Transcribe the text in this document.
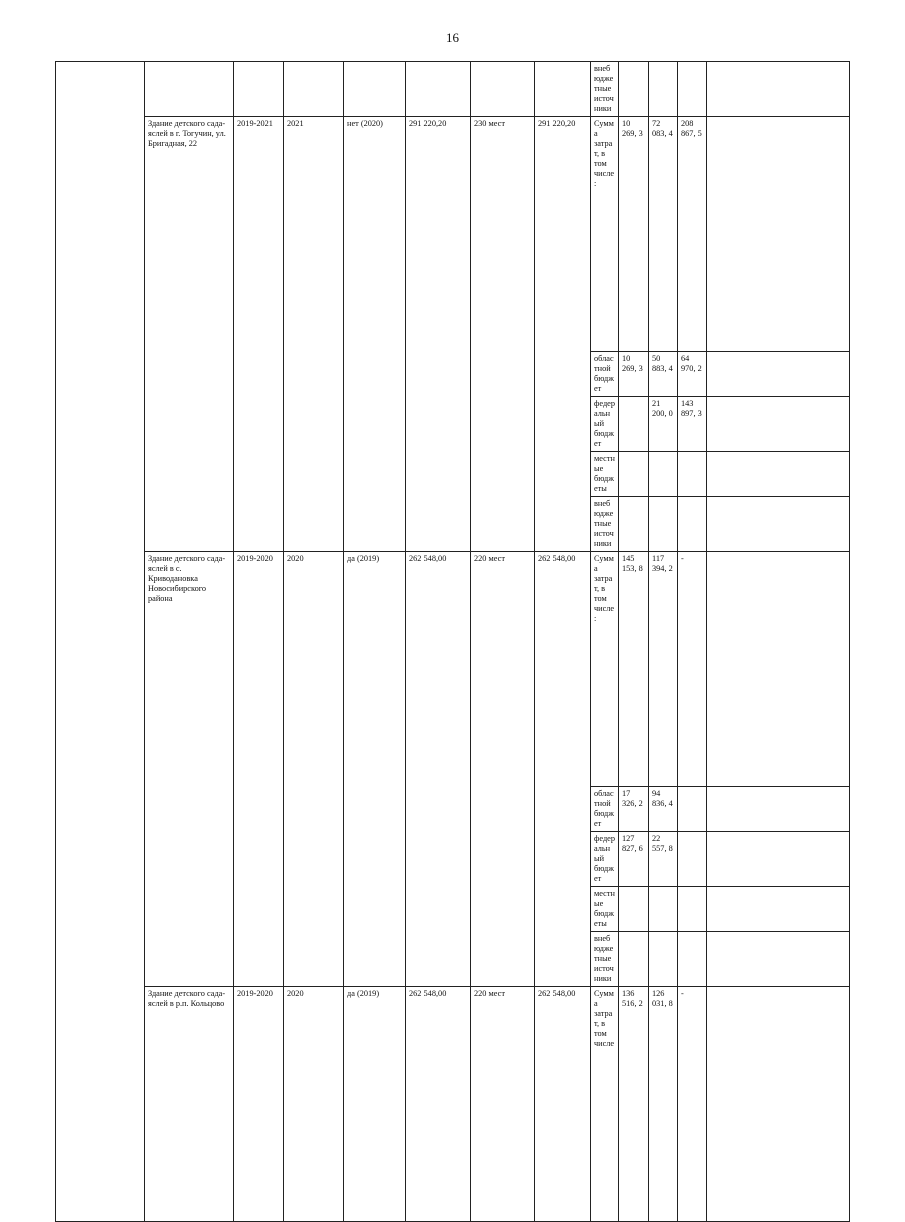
16
								внебюдже тные источники					
	Здание детского сада-яслей в г. Тогучин, ул. Бригадная, 22	2019-2021	2021	нет (2020)	291 220,20	230 мест	291 220,20	Сумма затрат, в том числе:	10 269, 3	72 083, 4	208 867, 5		
								областной бюджет	10 269, 3	50 883, 4	64 970, 2		
								федеральн ый бюджет		21 200, 0	143 897, 3		
								местные бюджеты					
								внебюдже тные источники					
	Здание детского сада-яслей в с. Криводановка Новосибирского района	2019-2020	2020	да (2019)	262 548,00	220 мест	262 548,00	Сумма затрат, в том числе:	145 153, 8	117 394, 2	-		
								областной бюджет	17 326, 2	94 836, 4			
								федеральн ый бюджет	127 827, 6	22 557, 8			
								местные бюджеты					
								внебюдже тные источники					
	Здание детского сада-яслей в р.п. Кольцово	2019-2020	2020	да (2019)	262 548,00	220 мест	262 548,00	Сумма затрат, в том числе	136 516, 2	126 031, 8	-		
